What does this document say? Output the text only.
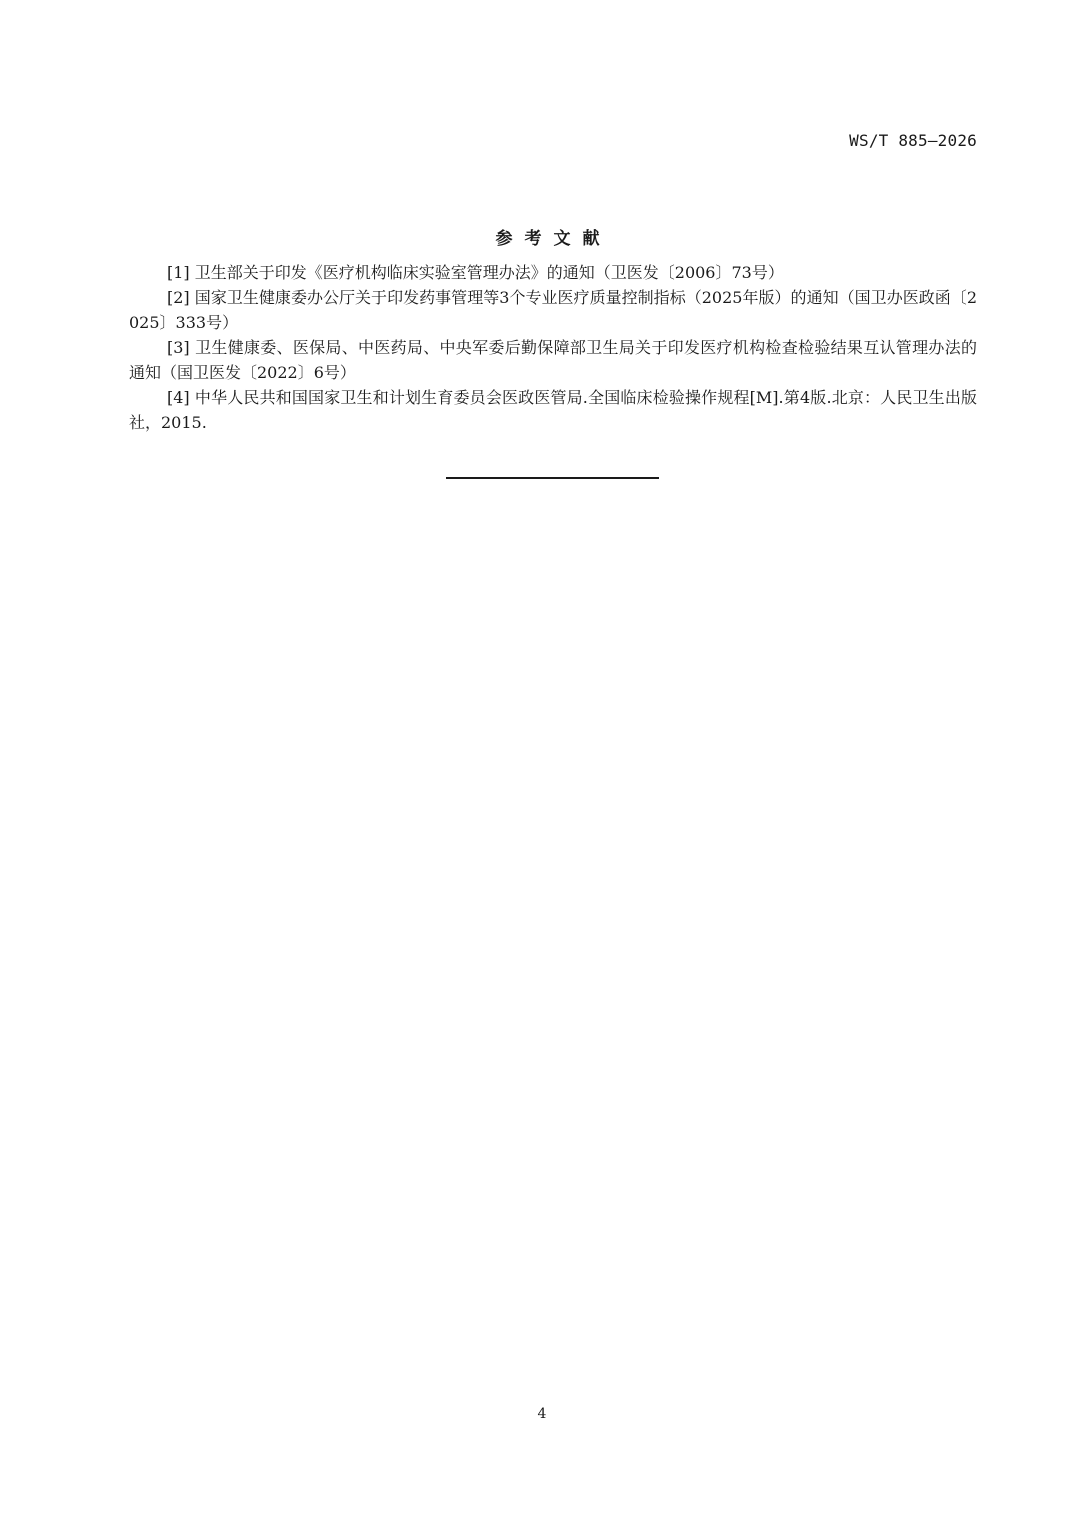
WS/T 885—2026
参考文献
[1] 卫生部关于印发《医疗机构临床实验室管理办法》的通知（卫医发〔2006〕73号）
[2] 国家卫生健康委办公厅关于印发药事管理等3个专业医疗质量控制指标（2025年版）的通知（国卫办医政函〔2025〕333号）
[3] 卫生健康委、医保局、中医药局、中央军委后勤保障部卫生局关于印发医疗机构检查检验结果互认管理办法的通知（国卫医发〔2022〕6号）
[4] 中华人民共和国国家卫生和计划生育委员会医政医管局.全国临床检验操作规程[M].第4版.北京：人民卫生出版社，2015.
4
